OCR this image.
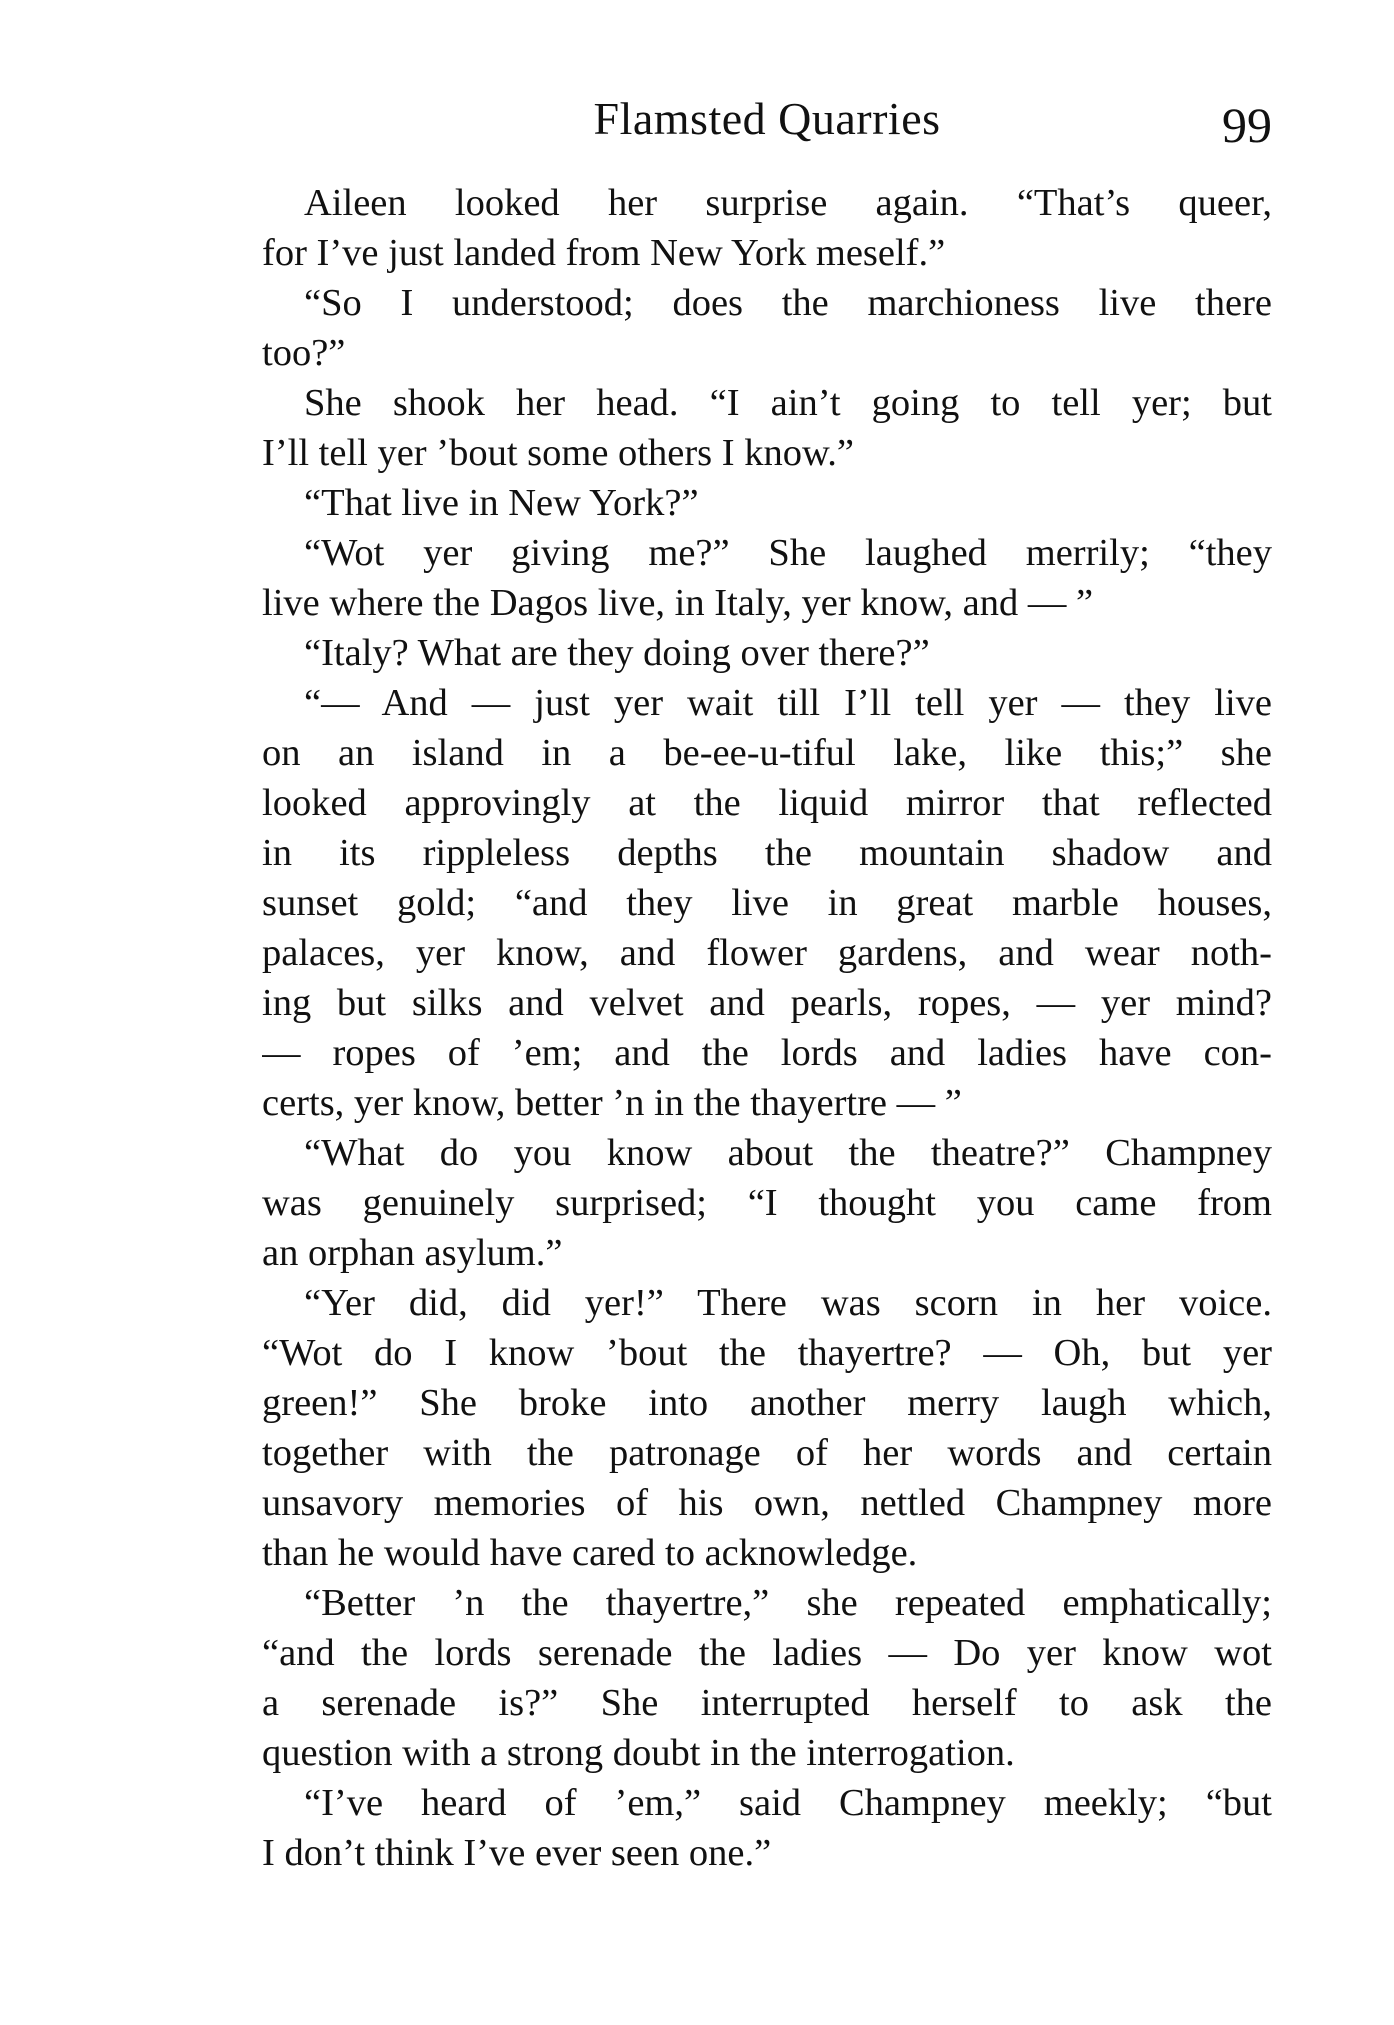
Flamsted Quarries	99
Aileen looked her surprise again. “That’s queer,
for I’ve just landed from New York meself.”
“So I understood; does the marchioness live there
too?”
She shook her head. “I ain’t going to tell yer; but
I’ll tell yer ’bout some others I know.”
“That live in New York?”
“Wot yer giving me?” She laughed merrily; “they
live where the Dagos live, in Italy, yer know, and — ”
“Italy? What are they doing over there?”
“— And — just yer wait till I’ll tell yer — they live
on an island in a be-ee-u-tiful lake, like this;” she
looked approvingly at the liquid mirror that reflected
in its rippleless depths the mountain shadow and
sunset gold; “and they live in great marble houses,
palaces, yer know, and flower gardens, and wear noth-
ing but silks and velvet and pearls, ropes, — yer mind?
— ropes of ’em; and the lords and ladies have con-
certs, yer know, better ’n in the thayertre — ”
“What do you know about the theatre?” Champney
was genuinely surprised; “I thought you came from
an orphan asylum.”
“Yer did, did yer!” There was scorn in her voice.
“Wot do I know ’bout the thayertre? — Oh, but yer
green!” She broke into another merry laugh which,
together with the patronage of her words and certain
unsavory memories of his own, nettled Champney more
than he would have cared to acknowledge.
“Better ’n the thayertre,” she repeated emphatically;
“and the lords serenade the ladies — Do yer know wot
a serenade is?” She interrupted herself to ask the
question with a strong doubt in the interrogation.
“I’ve heard of ’em,” said Champney meekly; “but
I don’t think I’ve ever seen one.”
